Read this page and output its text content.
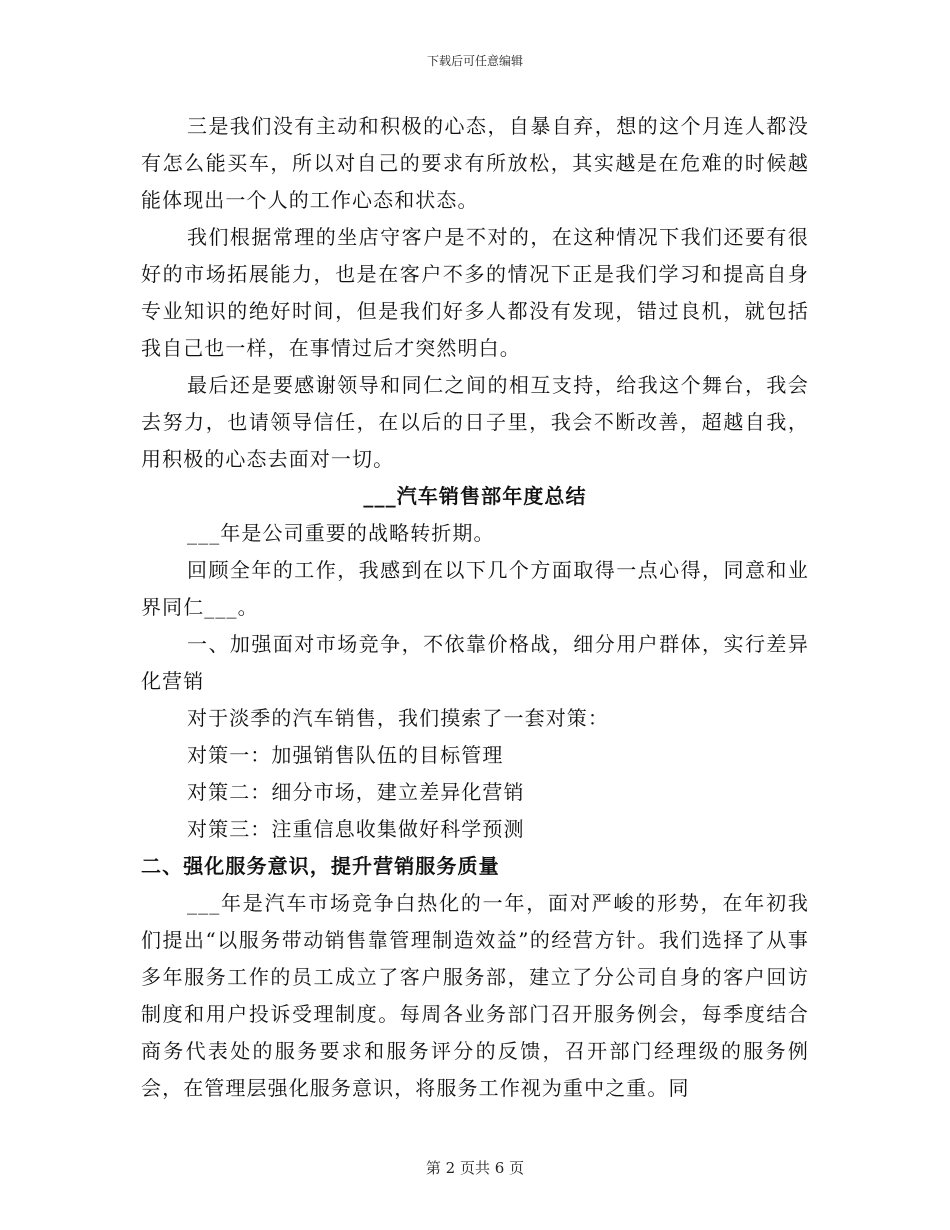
下载后可任意编辑

三是我们没有主动和积极的心态，自暴自弃，想的这个月连人都没有怎么能买车，所以对自己的要求有所放松，其实越是在危难的时候越能体现出一个人的工作心态和状态。

我们根据常理的坐店守客户是不对的，在这种情况下我们还要有很好的市场拓展能力，也是在客户不多的情况下正是我们学习和提高自身专业知识的绝好时间，但是我们好多人都没有发现，错过良机，就包括我自己也一样，在事情过后才突然明白。

最后还是要感谢领导和同仁之间的相互支持，给我这个舞台，我会去努力，也请领导信任，在以后的日子里，我会不断改善，超越自我，用积极的心态去面对一切。

___汽车销售部年度总结

___年是公司重要的战略转折期。

回顾全年的工作，我感到在以下几个方面取得一点心得，同意和业界同仁___。

一、加强面对市场竞争，不依靠价格战，细分用户群体，实行差异化营销

对于淡季的汽车销售，我们摸索了一套对策：

对策一：加强销售队伍的目标管理

对策二：细分市场，建立差异化营销

对策三：注重信息收集做好科学预测

二、强化服务意识，提升营销服务质量

___年是汽车市场竞争白热化的一年，面对严峻的形势，在年初我们提出“以服务带动销售靠管理制造效益”的经营方针。我们选择了从事多年服务工作的员工成立了客户服务部，建立了分公司自身的客户回访制度和用户投诉受理制度。每周各业务部门召开服务例会，每季度结合商务代表处的服务要求和服务评分的反馈，召开部门经理级的服务例会，在管理层强化服务意识，将服务工作视为重中之重。同

第 2 页共 6 页
